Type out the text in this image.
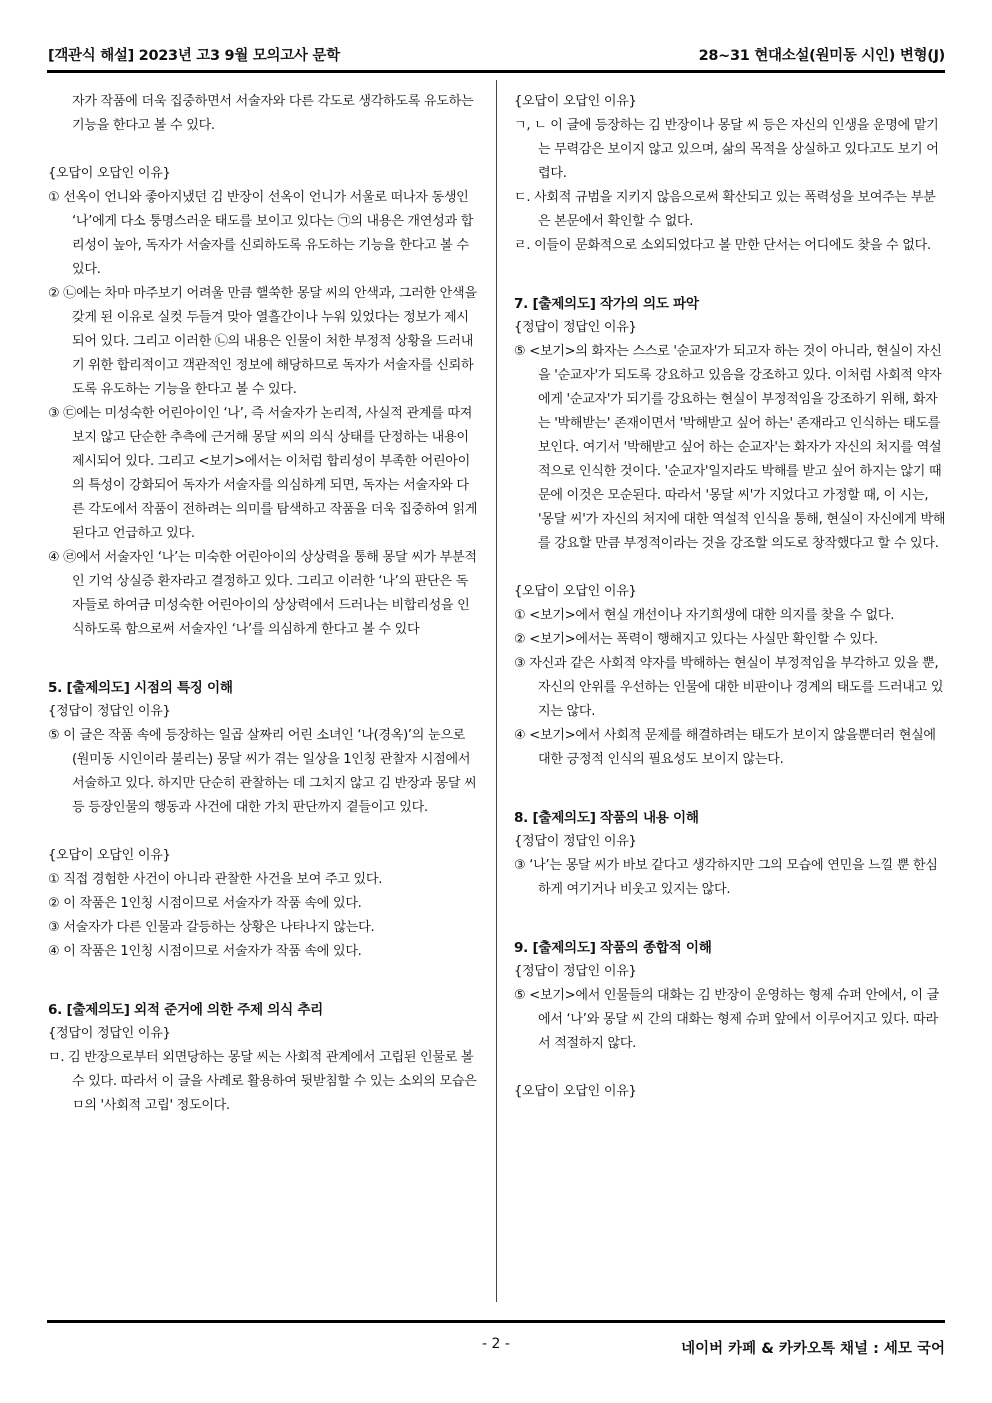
[객관식 해설] 2023년 고3 9월 모의고사 문학	28~31 현대소설(원미동 시인) 변형(J)
자가 작품에 더욱 집중하면서 서술자와 다른 각도로 생각하도록 유도하는 기능을 한다고 볼 수 있다.
{오답이 오답인 이유}
① 선옥이 언니와 좋아지냈던 김 반장이 선옥이 언니가 서울로 떠나자 동생인 ‘나’에게 다소 퉁명스러운 태도를 보이고 있다는 ㉠의 내용은 개연성과 합리성이 높아, 독자가 서술자를 신뢰하도록 유도하는 기능을 한다고 볼 수 있다.
② ㉡에는 차마 마주보기 어려울 만큼 핼쑥한 몽달 씨의 안색과, 그러한 안색을 갖게 된 이유로 실컷 두들겨 맞아 열흘간이나 누워 있었다는 정보가 제시되어 있다. 그리고 이러한 ㉡의 내용은 인물이 처한 부정적 상황을 드러내기 위한 합리적이고 객관적인 정보에 해당하므로 독자가 서술자를 신뢰하도록 유도하는 기능을 한다고 볼 수 있다.
③ ㉢에는 미성숙한 어린아이인 ‘나’, 즉 서술자가 논리적, 사실적 관계를 따져 보지 않고 단순한 추측에 근거해 몽달 씨의 의식 상태를 단정하는 내용이 제시되어 있다. 그리고 <보기>에서는 이처럼 합리성이 부족한 어린아이의 특성이 강화되어 독자가 서술자를 의심하게 되면, 독자는 서술자와 다른 각도에서 작품이 전하려는 의미를 탐색하고 작품을 더욱 집중하여 읽게 된다고 언급하고 있다.
④ ㉣에서 서술자인 ‘나’는 미숙한 어린아이의 상상력을 통해 몽달 씨가 부분적인 기억 상실증 환자라고 결정하고 있다. 그리고 이러한 ‘나’의 판단은 독자들로 하여금 미성숙한 어린아이의 상상력에서 드러나는 비합리성을 인식하도록 함으로써 서술자인 ‘나’를 의심하게 한다고 볼 수 있다
5. [출제의도] 시점의 특징 이해
{정답이 정답인 이유}
⑤ 이 글은 작품 속에 등장하는 일곱 살짜리 어린 소녀인 ‘나(경옥)’의 눈으로 (원미동 시인이라 불리는) 몽달 씨가 겪는 일상을 1인칭 관찰자 시점에서 서술하고 있다. 하지만 단순히 관찰하는 데 그치지 않고 김 반장과 몽달 씨 등 등장인물의 행동과 사건에 대한 가치 판단까지 곁들이고 있다.
{오답이 오답인 이유}
① 직접 경험한 사건이 아니라 관찰한 사건을 보여 주고 있다.
② 이 작품은 1인칭 시점이므로 서술자가 작품 속에 있다.
③ 서술자가 다른 인물과 갈등하는 상황은 나타나지 않는다.
④ 이 작품은 1인칭 시점이므로 서술자가 작품 속에 있다.
6. [출제의도] 외적 준거에 의한 주제 의식 추리
{정답이 정답인 이유}
ㅁ. 김 반장으로부터 외면당하는 몽달 씨는 사회적 관계에서 고립된 인물로 볼 수 있다. 따라서 이 글을 사례로 활용하여 뒷받침할 수 있는 소외의 모습은 ㅁ의 '사회적 고립' 정도이다.
{오답이 오답인 이유}
ㄱ, ㄴ 이 글에 등장하는 김 반장이나 몽달 씨 등은 자신의 인생을 운명에 맡기는 무력감은 보이지 않고 있으며, 삶의 목적을 상실하고 있다고도 보기 어렵다.
ㄷ. 사회적 규범을 지키지 않음으로써 확산되고 있는 폭력성을 보여주는 부분은 본문에서 확인할 수 없다.
ㄹ. 이들이 문화적으로 소외되었다고 볼 만한 단서는 어디에도 찾을 수 없다.
7. [출제의도] 작가의 의도 파악
{정답이 정답인 이유}
⑤ <보기>의 화자는 스스로 '순교자'가 되고자 하는 것이 아니라, 현실이 자신을 '순교자'가 되도록 강요하고 있음을 강조하고 있다. 이처럼 사회적 약자에게 '순교자'가 되기를 강요하는 현실이 부정적임을 강조하기 위해, 화자는 '박해받는' 존재이면서 '박해받고 싶어 하는' 존재라고 인식하는 태도를 보인다. 여기서 '박해받고 싶어 하는 순교자'는 화자가 자신의 처지를 역설적으로 인식한 것이다. '순교자'일지라도 박해를 받고 싶어 하지는 않기 때문에 이것은 모순된다. 따라서 '몽달 씨'가 지었다고 가정할 때, 이 시는, '몽달 씨'가 자신의 처지에 대한 역설적 인식을 통해, 현실이 자신에게 박해를 강요할 만큼 부정적이라는 것을 강조할 의도로 창작했다고 할 수 있다.
{오답이 오답인 이유}
① <보기>에서 현실 개선이나 자기희생에 대한 의지를 찾을 수 없다.
② <보기>에서는 폭력이 행해지고 있다는 사실만 확인할 수 있다.
③ 자신과 같은 사회적 약자를 박해하는 현실이 부정적임을 부각하고 있을 뿐, 자신의 안위를 우선하는 인물에 대한 비판이나 경계의 태도를 드러내고 있지는 않다.
④ <보기>에서 사회적 문제를 해결하려는 태도가 보이지 않을뿐더러 현실에 대한 긍정적 인식의 필요성도 보이지 않는다.
8. [출제의도] 작품의 내용 이해
{정답이 정답인 이유}
③ ‘나’는 몽달 씨가 바보 같다고 생각하지만 그의 모습에 연민을 느낄 뿐 한심하게 여기거나 비웃고 있지는 않다.
9. [출제의도] 작품의 종합적 이해
{정답이 정답인 이유}
⑤ <보기>에서 인물들의 대화는 김 반장이 운영하는 형제 슈퍼 안에서, 이 글에서 ‘나’와 몽달 씨 간의 대화는 형제 슈퍼 앞에서 이루어지고 있다. 따라서 적절하지 않다.
{오답이 오답인 이유}
- 2 -	네이버 카페 & 카카오톡 채널 : 세모 국어
